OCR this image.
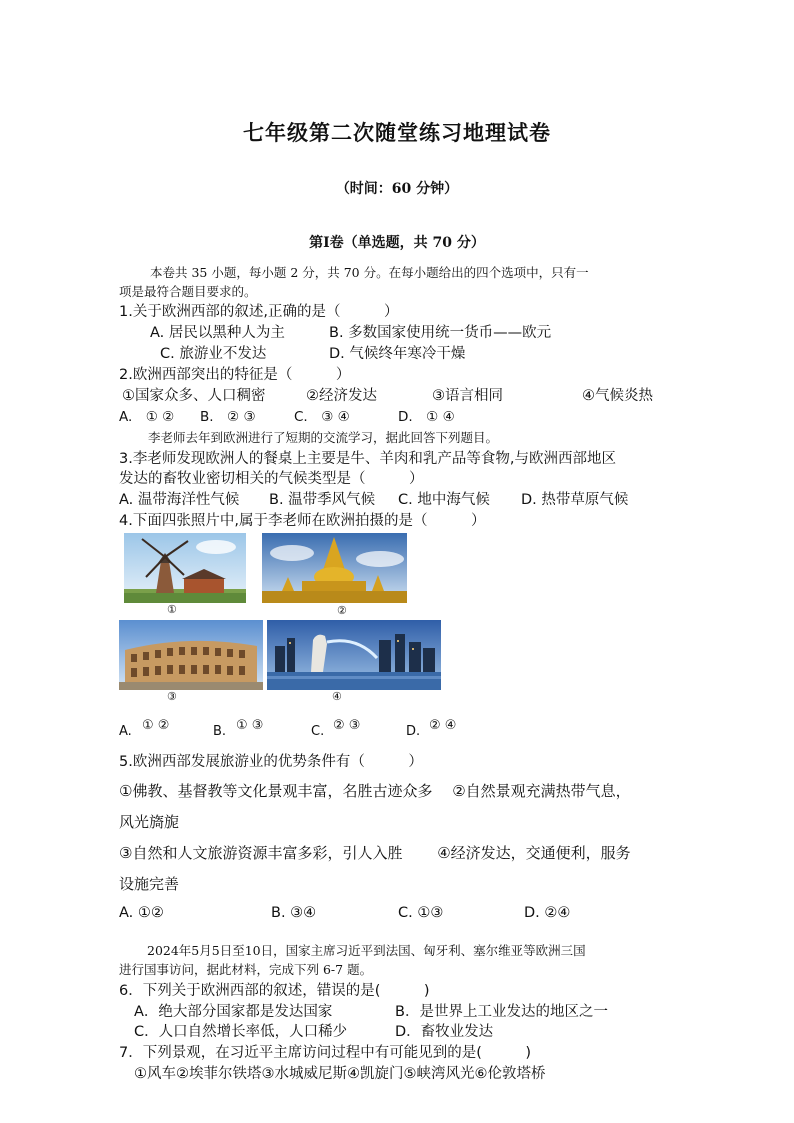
七年级第二次随堂练习地理试卷
（时间：60 分钟）
第Ⅰ卷（单选题，共 70 分）
本卷共 35 小题，每小题 2 分，共 70 分。在每小题给出的四个选项中，只有一
项是最符合题目要求的。
1.关于欧洲西部的叙述,正确的是（　　　）
A. 居民以黑种人为主	B. 多数国家使用统一货币——欧元
C. 旅游业不发达	D. 气候终年寒冷干燥
2.欧洲西部突出的特征是（　　　）
①国家众多、人口稠密	②经济发达	③语言相同	④气候炎热
A.　① ② B.　② ③	C.　③ ④	D.　① ④
李老师去年到欧洲进行了短期的交流学习，据此回答下列题目。
3.李老师发现欧洲人的餐桌上主要是牛、羊肉和乳产品等食物,与欧洲西部地区
发达的畜牧业密切相关的气候类型是（　　　）
A. 温带海洋性气候 B. 温带季风气候 C. 地中海气候 D. 热带草原气候
4.下面四张照片中,属于李老师在欧洲拍摄的是（　　　）
①	②
③	④
A. ① ②	B. ① ③	C. ② ③	D. ② ④
5.欧洲西部发展旅游业的优势条件有（　　　）
①佛教、基督教等文化景观丰富，名胜古迹众多　 ②自然景观充满热带气息，
风光旖旎
③自然和人文旅游资源丰富多彩，引人入胜　　 ④经济发达，交通便利，服务
设施完善
A. ①②	B. ③④	C. ①③	D. ②④
2024年5月5日至10日，国家主席习近平到法国、匈牙利、塞尔维亚等欧洲三国
进行国事访问，据此材料，完成下列 6-7 题。
6．下列关于欧洲西部的叙述，错误的是(　　　)
A．绝大部分国家都是发达国家	B．是世界上工业发达的地区之一
C．人口自然增长率低，人口稀少	D．畜牧业发达
7．下列景观，在习近平主席访问过程中有可能见到的是(　　　)
①风车②埃菲尔铁塔③水城威尼斯④凯旋门⑤峡湾风光⑥伦敦塔桥
